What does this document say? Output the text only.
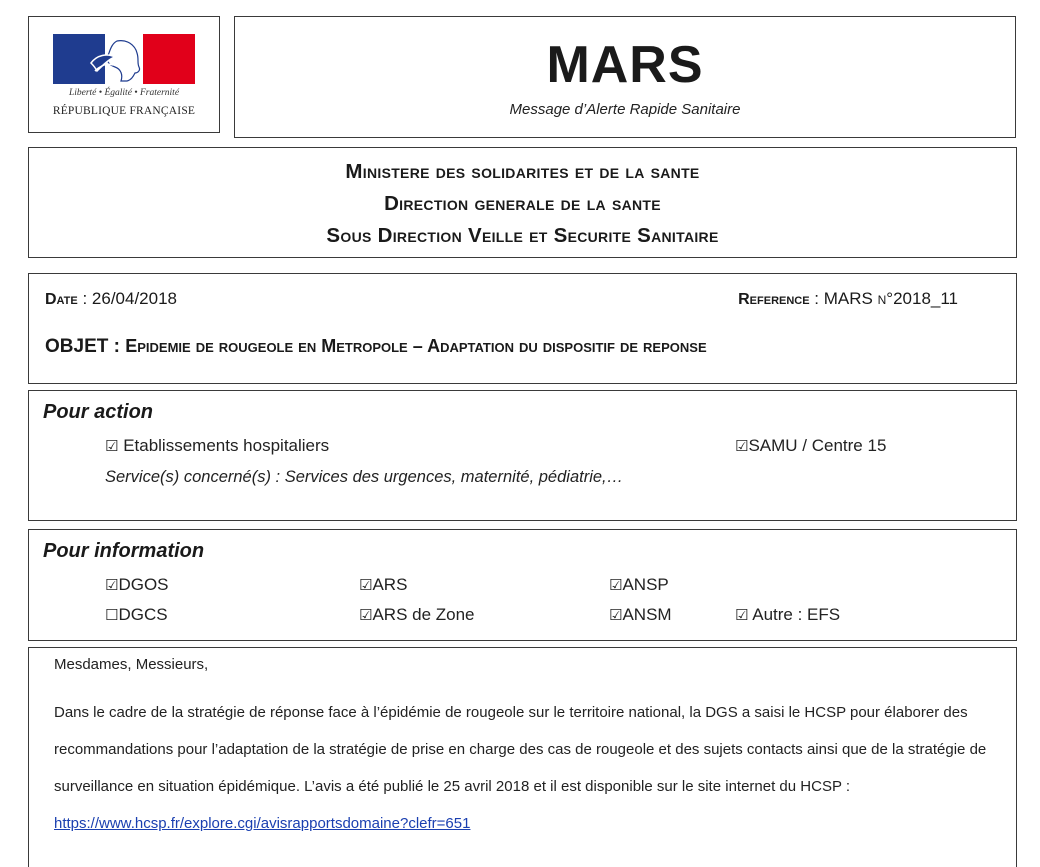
Liberté • Égalité • Fraternité
RÉPUBLIQUE FRANÇAISE
MARS
Message d’Alerte Rapide Sanitaire
Ministere des solidarites et de la sante
Direction generale de la sante
Sous Direction Veille et Securite Sanitaire
Date : 26/04/2018	Reference : MARS n°2018_11
OBJET : Epidemie de rougeole en Metropole – Adaptation du dispositif de reponse
Pour action
☑ Etablissements hospitaliers	☑SAMU / Centre 15
Service(s) concerné(s) : Services des urgences, maternité, pédiatrie,…
Pour information
☑DGOS	☑ARS	☑ANSP
☐DGCS	☑ARS de Zone	☑ANSM	☑ Autre : EFS
Mesdames, Messieurs,
Dans le cadre de la stratégie de réponse face à l’épidémie de rougeole sur le territoire national, la DGS a saisi le HCSP pour élaborer des recommandations pour l’adaptation de la stratégie de prise en charge des cas de rougeole et des sujets contacts ainsi que de la stratégie de surveillance en situation épidémique. L’avis a été publié le 25 avril 2018 et il est disponible sur le site internet du HCSP : https://www.hcsp.fr/explore.cgi/avisrapportsdomaine?clefr=651
